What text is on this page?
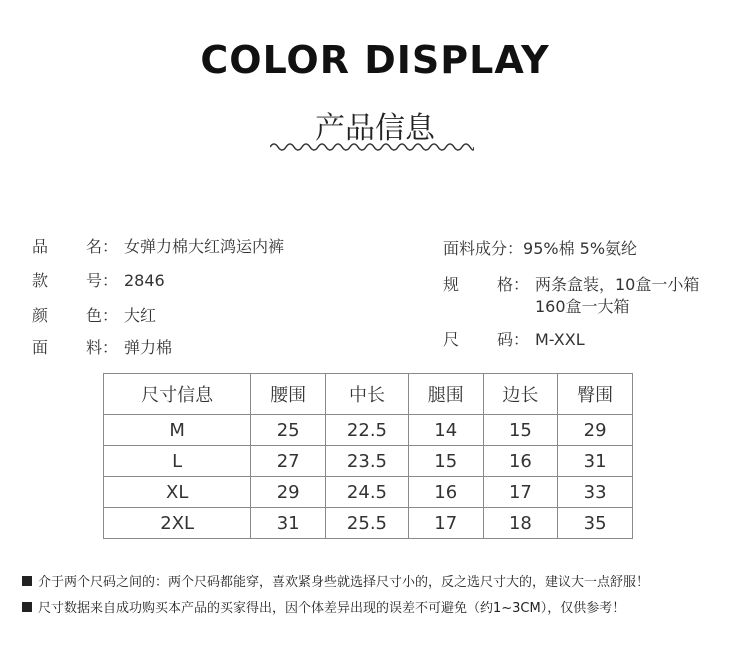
COLOR DISPLAY
产品信息
品 名： 女弹力棉大红鸿运内裤
款 号： 2846
颜 色： 大红
面 料： 弹力棉
面料成分：95%棉 5%氨纶
规 格： 两条盒装，10盒一小箱
160盒一大箱
尺 码： M-XXL
尺寸信息	腰围	中长	腿围	边长	臀围
M	25	22.5	14	15	29
L	27	23.5	15	16	31
XL	29	24.5	16	17	33
2XL	31	25.5	17	18	35
介于两个尺码之间的：两个尺码都能穿，喜欢紧身些就选择尺寸小的，反之选尺寸大的，建议大一点舒服！
尺寸数据来自成功购买本产品的买家得出，因个体差异出现的误差不可避免（约1~3CM），仅供参考！
